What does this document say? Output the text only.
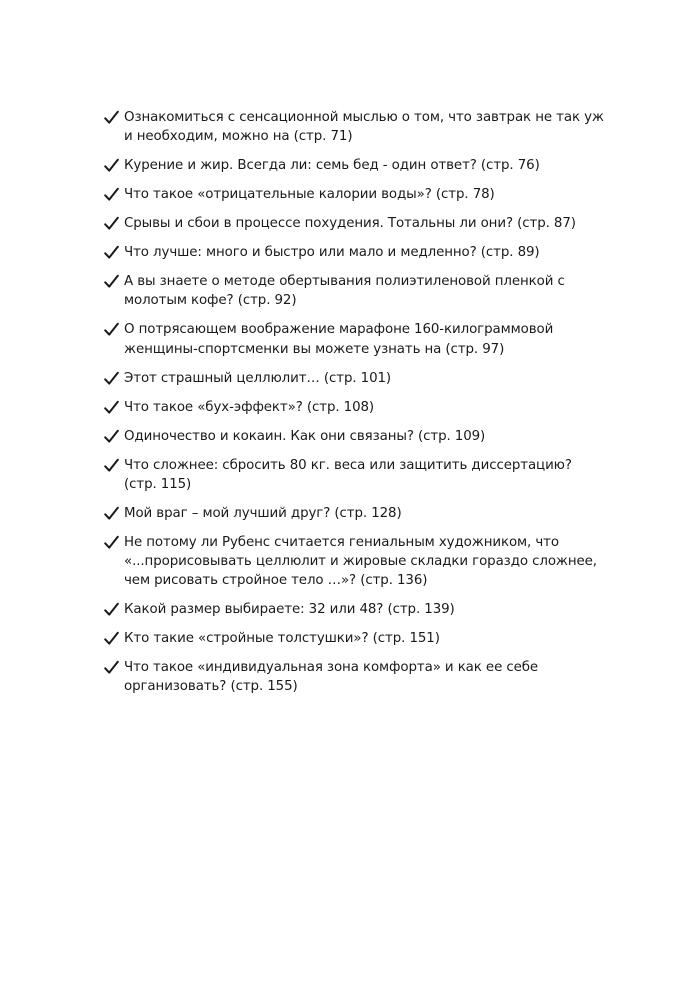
Ознакомиться с сенсационной мыслью о том, что завтрак не так уж и необходим, можно на (стр. 71)
Курение и жир. Всегда ли: семь бед - один ответ? (стр. 76)
Что такое «отрицательные калории воды»? (стр. 78)
Срывы и сбои в процессе похудения. Тотальны ли они? (стр. 87)
Что лучше: много и быстро или мало и медленно? (стр. 89)
А вы знаете о методе обертывания полиэтиленовой пленкой с молотым кофе? (стр. 92)
О потрясающем воображение марафоне 160-килограммовой женщины-спортсменки вы можете узнать на (стр. 97)
Этот страшный целлюлит… (стр. 101)
Что такое «бух-эффект»? (стр. 108)
Одиночество и кокаин. Как они связаны? (стр. 109)
Что сложнее: сбросить 80 кг. веса или защитить диссертацию? (стр. 115)
Мой враг – мой лучший друг? (стр. 128)
Не потому ли Рубенс считается гениальным художником, что «...прорисовывать целлюлит и жировые складки гораздо сложнее, чем рисовать стройное тело …»? (стр. 136)
Какой размер выбираете: 32 или 48? (стр. 139)
Кто такие «стройные толстушки»? (стр. 151)
Что такое «индивидуальная зона комфорта» и как ее себе организовать? (стр. 155)
